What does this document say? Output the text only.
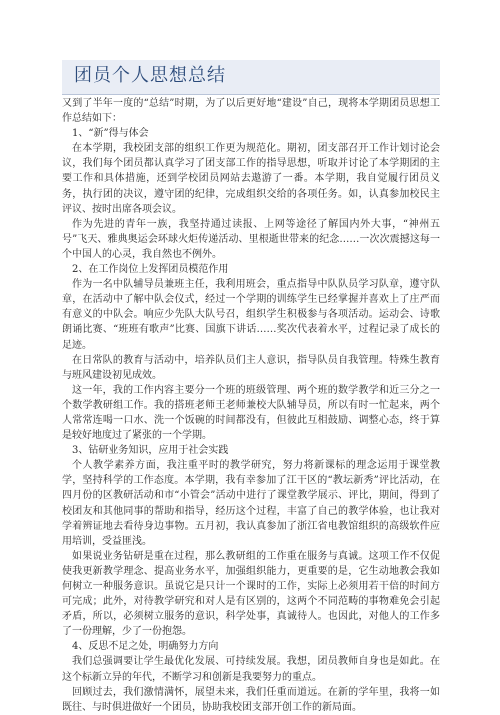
团员个人思想总结

又到了半年一度的“总结”时期，为了以后更好地“建设”自己，现将本学期团员思想工作总结如下：

1、“新”得与体会

在本学期，我校团支部的组织工作更为规范化。期初，团支部召开工作计划讨论会议，我们每个团员都认真学习了团支部工作的指导思想，听取并讨论了本学期团的主要工作和具体措施，还到学校团员网站去遨游了一番。本学期，我自觉履行团员义务，执行团的决议，遵守团的纪律，完成组织交给的各项任务。如，认真参加校民主评议、按时出席各项会议。

作为先进的青年一族，我坚持通过读报、上网等途径了解国内外大事，“神州五号”飞天、雅典奥运会环球火炬传递活动、里根逝世带来的纪念……一次次震撼这每一个中国人的心灵，我自然也不例外。

2、在工作岗位上发挥团员模范作用

作为一名中队辅导员兼班主任，我利用班会，重点指导中队队员学习队章，遵守队章，在活动中了解中队会仪式，经过一个学期的训练学生已经掌握并喜欢上了庄严而有意义的中队会。响应少先队大队号召，组织学生积极参与各项活动。运动会、诗歌朗诵比赛、“班班有歌声”比赛、国旗下讲话……奖次代表着水平，过程记录了成长的足迹。

在日常队的教育与活动中，培养队员们主人意识，指导队员自我管理。特殊生教育与班风建设初见成效。

这一年，我的工作内容主要分一个班的班级管理、两个班的数学教学和近三分之一个数学教研组工作。我的搭班老师王老师兼校大队辅导员，所以有时一忙起来，两个人常常连喝一口水、洗一个饭碗的时间都没有，但彼此互相鼓励、调整心态，终于算是较好地度过了紧张的一个学期。

3、钻研业务知识，应用于社会实践

个人教学素养方面，我注重平时的教学研究，努力将新课标的理念运用于课堂教学，坚持科学的工作态度。本学期，我有幸参加了江干区的“教坛新秀”评比活动，在四月份的区教研活动和市“小管会”活动中进行了课堂教学展示、评比，期间，得到了校团友和其他同事的帮助和指导，经历这个过程，丰富了自己的教学体验，也让我对学着辨证地去看待身边事物。五月初，我认真参加了浙江省电教馆组织的高级软件应用培训，受益匪浅。

如果说业务钻研是重在过程，那么教研组的工作重在服务与真诚。这项工作不仅促使我更新教学理念、提高业务水平，加强组织能力，更重要的是，它生动地教会我如何树立一种服务意识。虽说它是只计一个课时的工作，实际上必须用若干倍的时间方可完成；此外，对待教学研究和对人是有区别的，这两个不同范畴的事物难免会引起矛盾，所以，必须树立服务的意识，科学处事，真诚待人。也因此，对他人的工作多了一份理解，少了一份抱怨。

4、反思不足之处，明确努力方向

我们总强调要让学生最优化发展、可持续发展。我想，团员教师自身也是如此。在这个标新立异的年代，不断学习和创新是我要努力的重点。

回顾过去，我们激情满怀，展望未来，我们任重而道远。在新的学年里，我将一如既往、与时俱进做好一个团员，协助我校团支部开创工作的新局面。
